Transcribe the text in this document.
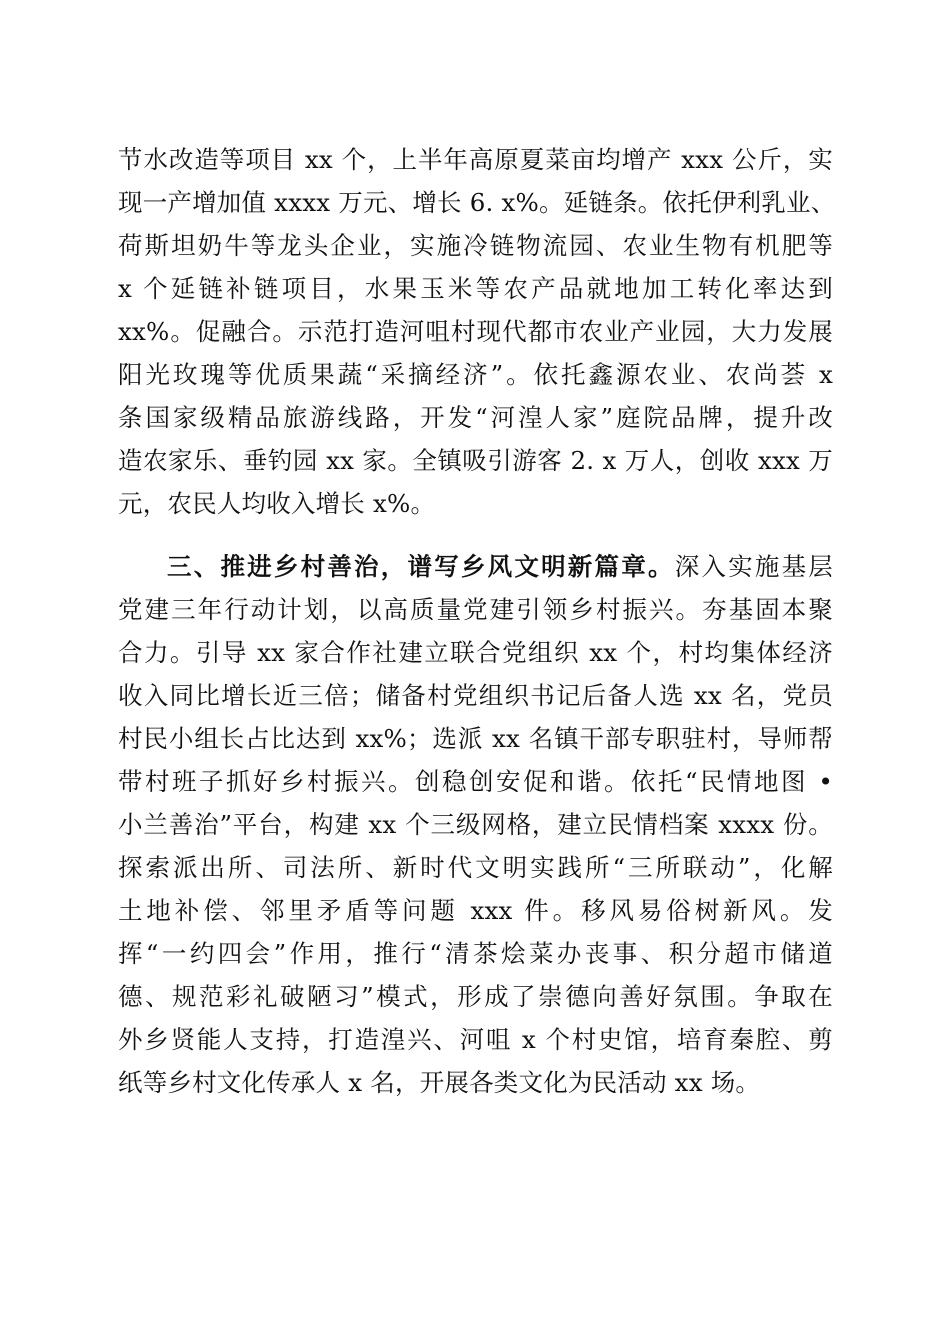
节水改造等项目 xx 个，上半年高原夏菜亩均增产 xxx 公斤，实
现一产增加值 xxxx 万元、增长 6. x%。延链条。依托伊利乳业、
荷斯坦奶牛等龙头企业，实施冷链物流园、农业生物有机肥等
x 个延链补链项目，水果玉米等农产品就地加工转化率达到
xx%。促融合。示范打造河咀村现代都市农业产业园，大力发展
阳光玫瑰等优质果蔬“采摘经济”。依托鑫源农业、农尚荟 x
条国家级精品旅游线路，开发“河湟人家”庭院品牌，提升改
造农家乐、垂钓园 xx 家。全镇吸引游客 2. x 万人，创收 xxx 万
元，农民人均收入增长 x%。
三、推进乡村善治，谱写乡风文明新篇章。深入实施基层
党建三年行动计划，以高质量党建引领乡村振兴。夯基固本聚
合力。引导 xx 家合作社建立联合党组织 xx 个，村均集体经济
收入同比增长近三倍；储备村党组织书记后备人选 xx 名，党员
村民小组长占比达到 xx%；选派 xx 名镇干部专职驻村，导师帮
带村班子抓好乡村振兴。创稳创安促和谐。依托“民情地图 •
小兰善治”平台，构建 xx 个三级网格，建立民情档案 xxxx 份。
探索派出所、司法所、新时代文明实践所“三所联动”，化解
土地补偿、邻里矛盾等问题 xxx 件。移风易俗树新风。发
挥“一约四会”作用，推行“清茶烩菜办丧事、积分超市储道
德、规范彩礼破陋习”模式，形成了崇德向善好氛围。争取在
外乡贤能人支持，打造湟兴、河咀 x 个村史馆，培育秦腔、剪
纸等乡村文化传承人 x 名，开展各类文化为民活动 xx 场。
